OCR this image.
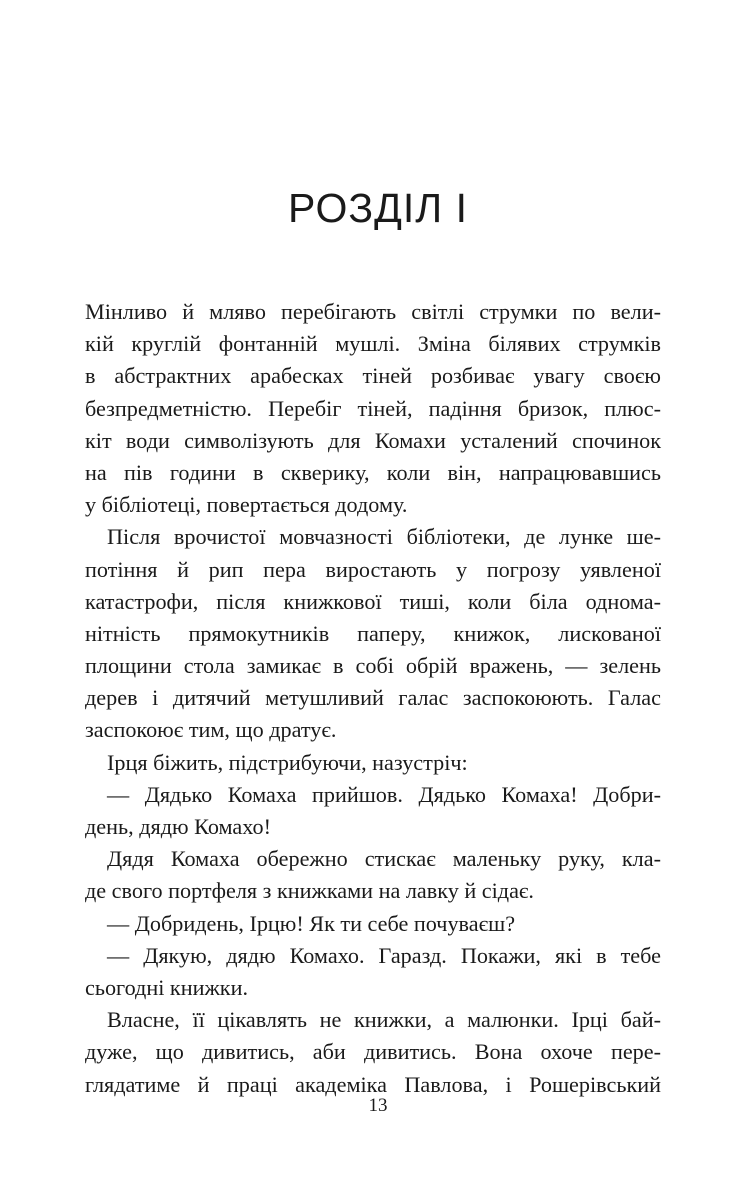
РОЗДІЛ І
Мінливо й мляво перебігають світлі струмки по вели-
кій круглій фонтанній мушлі. Зміна білявих струмків
в абстрактних арабесках тіней розбиває увагу своєю
безпредметністю. Перебіг тіней, падіння бризок, плюс-
кіт води символізують для Комахи усталений спочинок
на пів години в скверику, коли він, напрацювавшись
у бібліотеці, повертається додому.
Після врочистої мовчазності бібліотеки, де лунке ше-
потіння й рип пера виростають у погрозу уявленої
катастрофи, після книжкової тиші, коли біла однома-
нітність прямокутників паперу, книжок, лискованої
площини стола замикає в собі обрій вражень, — зелень
дерев і дитячий метушливий галас заспокоюють. Галас
заспокоює тим, що дратує.
Ірця біжить, підстрибуючи, назустріч:
— Дядько Комаха прийшов. Дядько Комаха! Добри-
день, дядю Комахо!
Дядя Комаха обережно стискає маленьку руку, кла-
де свого портфеля з книжками на лавку й сідає.
— Добридень, Ірцю! Як ти себе почуваєш?
— Дякую, дядю Комахо. Гаразд. Покажи, які в тебе
сьогодні книжки.
Власне, її цікавлять не книжки, а малюнки. Ірці бай-
дуже, що дивитись, аби дивитись. Вона охоче пере-
глядатиме й праці академіка Павлова, і Рошерівський
13
